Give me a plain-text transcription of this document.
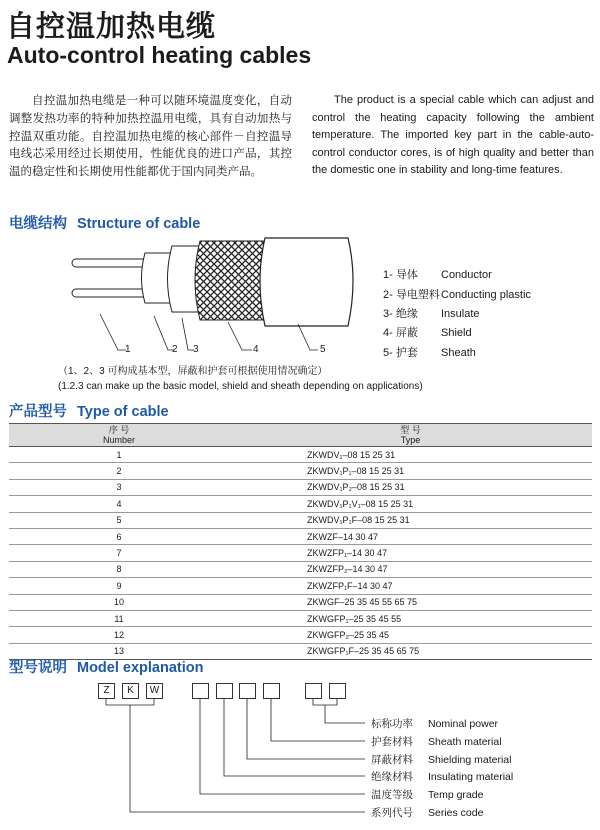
自控温加热电缆
Auto-control heating cables
自控温加热电缆是一种可以随环境温度变化，自动调整发热功率的特种加热控温用电缆，具有自动加热与控温双重功能。自控温加热电缆的核心部件－自控温导电线芯采用经过长期使用，性能优良的进口产品，其控温的稳定性和长期使用性能都优于国内同类产品。
The product is a special cable which can adjust and control the heating capacity following the ambient temperature. The imported key part in the cable-auto-control conductor cores, is of high quality and better than the domestic one in stability and long-time features.
电缆结构 Structure of cable
1	2 3	4	5
1- 导体 Conductor
2- 导电塑料Conducting plastic
3- 绝缘 Insulate
4- 屏蔽 Shield
5- 护套 Sheath
（1、2、3 可构成基本型，屏蔽和护套可根据使用情况确定）
(1.2.3 can make up the basic model, shield and sheath depending on applications)
产品型号 Type of cable
序 号
Number	型 号
Type
1	ZKWDV₁–08 15 25 31
2	ZKWDV₁P₁–08 15 25 31
3	ZKWDV₁P₂–08 15 25 31
4	ZKWDV₁P₁V₁–08 15 25 31
5	ZKWDV₁P₁F–08 15 25 31
6	ZKWZF–14 30 47
7	ZKWZFP₁–14 30 47
8	ZKWZFP₂–14 30 47
9	ZKWZFP₁F–14 30 47
10	ZKWGF–25 35 45 55 65 75
11	ZKWGFP₁–25 35 45 55
12	ZKWGFP₂–25 35 45
13	ZKWGFP₁F–25 35 45 65 75
型号说明 Model explanation
Z	K	W
标称功率 Nominal power
护套材料 Sheath material
屏蔽材料 Shielding material
绝缘材料 Insulating material
温度等级 Temp grade
系列代号 Series code
